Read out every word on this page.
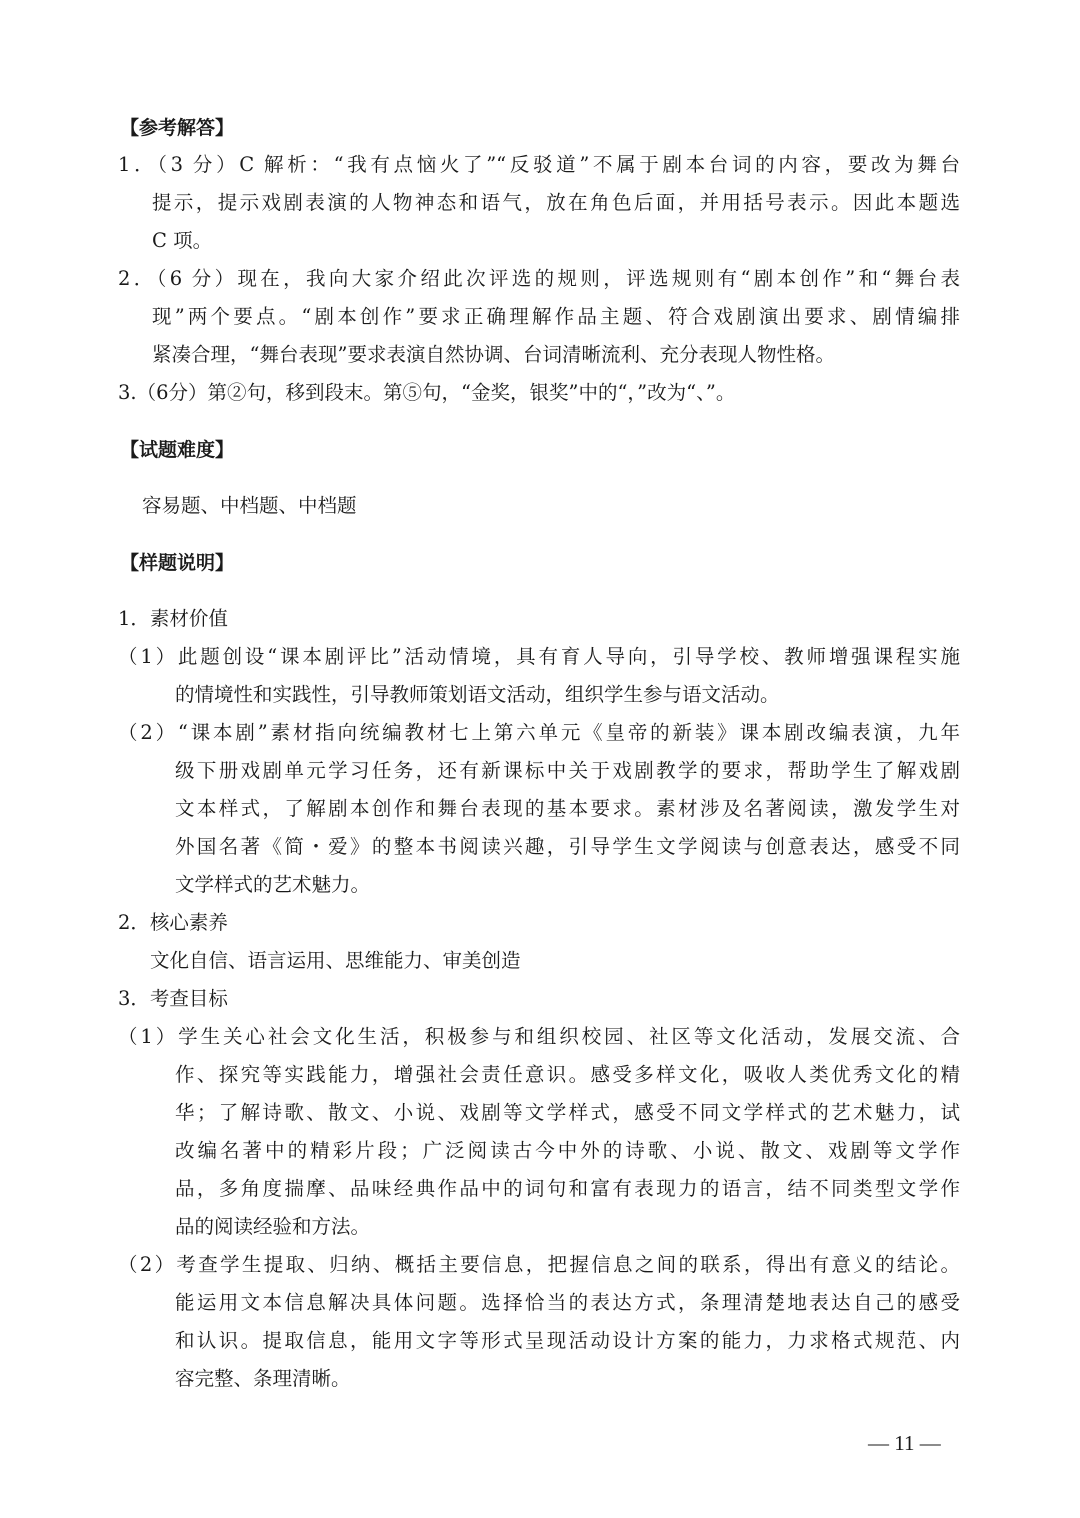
【参考解答】
1．（3 分）C 解析：“我有点恼火了”“反驳道”不属于剧本台词的内容，要改为舞台
提示，提示戏剧表演的人物神态和语气，放在角色后面，并用括号表示。因此本题选
C 项。
2．（6 分）现在，我向大家介绍此次评选的规则，评选规则有“剧本创作”和“舞台表
现”两个要点。“剧本创作”要求正确理解作品主题、符合戏剧演出要求、剧情编排
紧凑合理，“舞台表现”要求表演自然协调、台词清晰流利、充分表现人物性格。
3.（6分）第②句，移到段末。第⑤句，“金奖，银奖”中的“，”改为“、”。
【试题难度】
容易题、中档题、中档题
【样题说明】
1．素材价值
（1）此题创设“课本剧评比”活动情境，具有育人导向，引导学校、教师增强课程实施
的情境性和实践性，引导教师策划语文活动，组织学生参与语文活动。
（2）“课本剧”素材指向统编教材七上第六单元《皇帝的新装》课本剧改编表演，九年
级下册戏剧单元学习任务，还有新课标中关于戏剧教学的要求，帮助学生了解戏剧
文本样式，了解剧本创作和舞台表现的基本要求。素材涉及名著阅读，激发学生对
外国名著《简・爱》的整本书阅读兴趣，引导学生文学阅读与创意表达，感受不同
文学样式的艺术魅力。
2．核心素养
文化自信、语言运用、思维能力、审美创造
3．考查目标
（1）学生关心社会文化生活，积极参与和组织校园、社区等文化活动，发展交流、合
作、探究等实践能力，增强社会责任意识。感受多样文化，吸收人类优秀文化的精
华；了解诗歌、散文、小说、戏剧等文学样式，感受不同文学样式的艺术魅力，试
改编名著中的精彩片段；广泛阅读古今中外的诗歌、小说、散文、戏剧等文学作
品，多角度揣摩、品味经典作品中的词句和富有表现力的语言，结不同类型文学作
品的阅读经验和方法。
（2）考查学生提取、归纳、概括主要信息，把握信息之间的联系，得出有意义的结论。
能运用文本信息解决具体问题。选择恰当的表达方式，条理清楚地表达自己的感受
和认识。提取信息，能用文字等形式呈现活动设计方案的能力，力求格式规范、内
容完整、条理清晰。
— 11 —
